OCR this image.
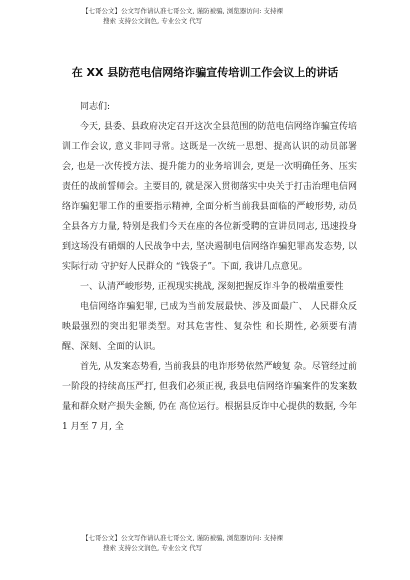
【七哥公文】公文写作请认准七哥公文, 谨防被骗, 浏览器访问: 支持裸
搜索 支持公文润色, 专业公文 代写
在 XX 县防范电信网络诈骗宣传培训工作会议上的讲话

同志们:

今天, 县委、县政府决定召开这次全县范围的防范电信网络诈骗宣传培训工作会议, 意义非同寻常。这既是一次统一思想、提高认识的动员部署会, 也是一次传授方法、提升能力的业务培训会, 更是一次明确任务、压实责任的战前誓师会。主要目的, 就是深入贯彻落实中央关于打击治理电信网络诈骗犯罪工作的重要指示精神, 全面分析当前我县面临的严峻形势, 动员全县各方力量, 特别是我们今天在座的各位新受聘的宣讲员同志, 迅速投身到这场没有硝烟的人民战争中去, 坚决遏制电信网络诈骗犯罪高发态势, 以实际行动 守护好人民群众的 “钱袋子”。下面, 我讲几点意见。

一、认清严峻形势, 正视现实挑战, 深刻把握反诈斗争的极端重要性

电信网络诈骗犯罪, 已成为当前发展最快、涉及面最广、 人民群众反映最强烈的突出犯罪类型。对其危害性、复杂性 和长期性, 必须要有清醒、深刻、全面的认识。

首先, 从发案态势看, 当前我县的电诈形势依然严峻复 杂。尽管经过前一阶段的持续高压严打, 但我们必须正视, 我县电信网络诈骗案件的发案数量和群众财产损失金额, 仍在 高位运行。根据县反诈中心提供的数据, 今年 1 月至 7 月, 全

【七哥公文】公文写作请认准七哥公文, 谨防被骗, 浏览器访问: 支持裸
搜索 支持公文润色, 专业公文 代写
